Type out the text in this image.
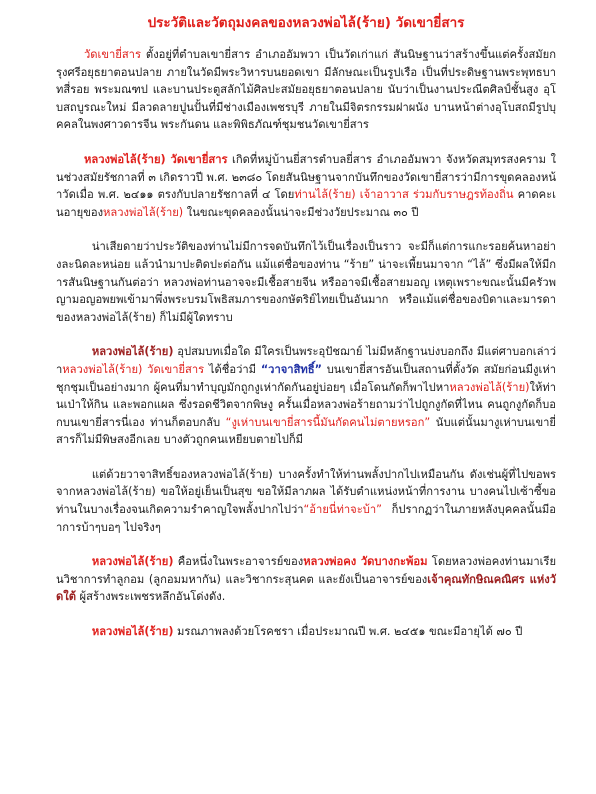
ประวัติและวัตถุมงคลของหลวงพ่อไล้(ร้าย) วัดเขายี่สาร

วัดเขายี่สาร ตั้งอยู่ที่ตำบลเขายี่สาร อำเภออัมพวา เป็นวัดเก่าแก่ สันนิษฐานว่าสร้างขึ้นแต่ครั้งสมัยกรุงศรีอยุธยาตอนปลาย ภายในวัดมีพระวิหารบนยอดเขา มีลักษณะเป็นรูปเรือ เป็นที่ประดิษฐานพระพุทธบาทสี่รอย พระมณฑป และบานประตูสลักไม้ศิลปะสมัยอยุธยาตอนปลาย นับว่าเป็นงานประณีตศิลป์ชั้นสูง อุโบสถบูรณะใหม่ มีลวดลายปูนปั้นที่มีช่างเมืองเพชรบุรี ภายในมีจิตรกรรมฝาผนัง บานหน้าต่างอุโบสถมีรูปบุคคลในพงศาวดารจีน พระกันดน และพิพิธภัณฑ์ชุมชนวัดเขายี่สาร

หลวงพ่อไล้(ร้าย) วัดเขายี่สาร เกิดที่หมู่บ้านยี่สารตำบลยี่สาร อำเภออัมพวา จังหวัดสมุทรสงคราม ในช่วงสมัยรัชกาลที่ ๓ เกิดราวปี พ.ศ. ๒๓๘๐ โดยสันนิษฐานจากบันทึกของวัดเขายี่สารว่ามีการขุดคลองหน้าวัดเมื่อ พ.ศ. ๒๔๑๑ ตรงกับปลายรัชกาลที่ ๔ โดยท่านไล้(ร้าย) เจ้าอาวาส ร่วมกับราษฎรท้องถิ่น คาดคะเนอายุของหลวงพ่อไล้(ร้าย) ในขณะขุดคลองนั้นน่าจะมีช่วงวัยประมาณ ๓๐ ปี

น่าเสียดายว่าประวัติของท่านไม่มีการจดบันทึกไว้เป็นเรื่องเป็นราว จะมีก็แต่การแกะรอยค้นหาอย่างละนิดละหน่อย แล้วนำมาปะติดปะต่อกัน แม้แต่ชื่อของท่าน “ร้าย” น่าจะเพี้ยนมาจาก “ไล้” ซึ่งมีผลให้มีการสันนิษฐานกันต่อว่า หลวงพ่อท่านอาจจะมีเชื้อสายจีน หรืออาจมีเชื้อสายมอญ เหตุเพราะขณะนั้นมีครัวพญามอญอพยพเข้ามาพึ่งพระบรมโพธิสมภารของกษัตริย์ไทยเป็นอันมาก หรือแม้แต่ชื่อของบิดาและมารดาของหลวงพ่อไล้(ร้าย) ก็ไม่มีผู้ใดทราบ

หลวงพ่อไล้(ร้าย) อุปสมบทเมื่อใด มีใครเป็นพระอุปัชฌาย์ ไม่มีหลักฐานบ่งบอกถึง มีแต่ศาบอกเล่าว่าหลวงพ่อไล้(ร้าย) วัดเขายี่สาร ได้ชื่อว่ามี “วาจาสิทธิ์” บนเขายี่สารอันเป็นสถานที่ตั้งวัด สมัยก่อนมีงูเห่าชุกชุมเป็นอย่างมาก ผู้คนที่มาทำบุญมักถูกงูเห่ากัดกันอยู่บ่อยๆ เมื่อโดนกัดก็พาไปหาหลวงพ่อไล้(ร้าย)ให้ท่านเป่าให้กิน และพอกแผล ซึ่งรอดชีวิตจากพิษงู ครั้นเมื่อหลวงพ่อร้ายถามว่าไปถูกงูกัดที่ไหน คนถูกงูกัดก็บอกบนเขายี่สารนี่เอง ท่านก็ตอบกลับ “งูเห่าบนเขายี่สารนี้มันกัดคนไม่ตายหรอก” นับแต่นั้นมางูเห่าบนเขายี่สารก็ไม่มีพิษสงอีกเลย บางตัวถูกคนเหยียบตายไปก็มี

แต่ด้วยวาจาสิทธิ์ของหลวงพ่อไล้(ร้าย) บางครั้งทำให้ท่านพลั้งปากไปเหมือนกัน ดังเช่นผู้ที่ไปขอพรจากหลวงพ่อไล้(ร้าย) ขอให้อยู่เย็นเป็นสุข ขอให้มีลาภผล ได้รับตำแหน่งหน้าที่การงาน บางคนไปเซ้าซี้ขอท่านในบางเรื่องจนเกิดความรำคาญใจพลั้งปากไปว่า“อ้ายนี่ท่าจะบ้า” ก็ปรากฏว่าในภายหลังบุคคลนั้นมีอาการบ้าๆบอๆ ไปจริงๆ

หลวงพ่อไล้(ร้าย) คือหนึ่งในพระอาจารย์ของหลวงพ่อคง วัดบางกะพ้อม โดยหลวงพ่อคงท่านมาเรียนวิชาการทำลูกอม (ลูกอมมหากัน) และวิชากระสุนคต และยังเป็นอาจารย์ของเจ้าคุณทักษิณคณิศร แห่งวัดใต้ ผู้สร้างพระเพชรหลึกอันโด่งดัง.

หลวงพ่อไล้(ร้าย) มรณภาพลงด้วยโรคชรา เมื่อประมาณปี พ.ศ. ๒๔๕๑ ขณะมีอายุได้ ๗๐ ปี
